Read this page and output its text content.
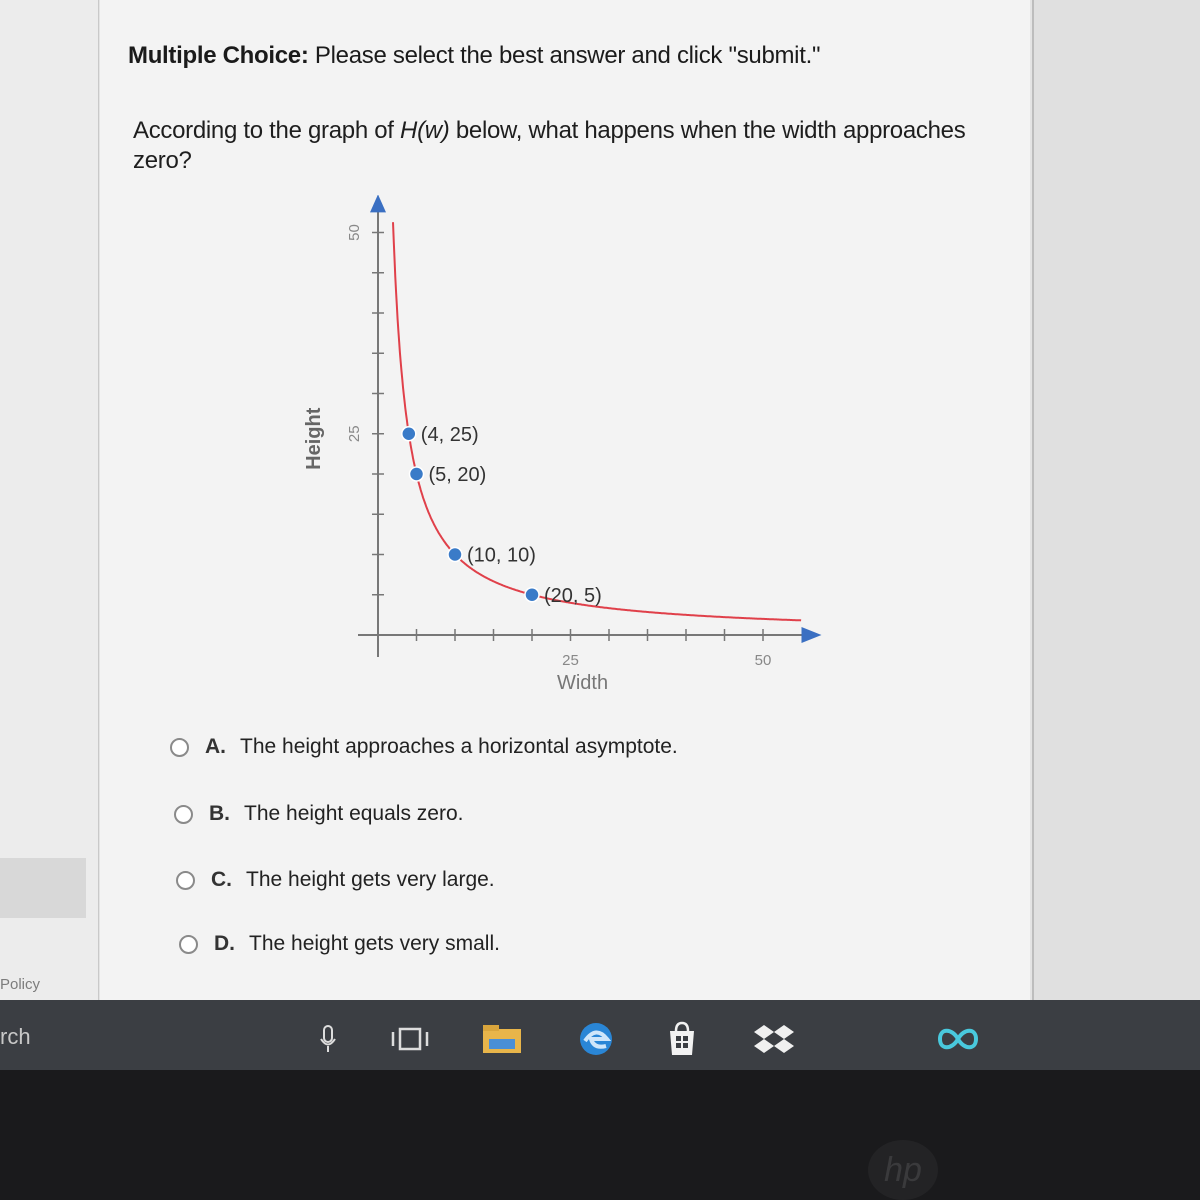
Multiple Choice: Please select the best answer and click "submit."
According to the graph of H(w) below, what happens when the width approaches zero?
25	50
25
50
Width
Height	(4, 25)
(5, 20)
(10, 10)
(20, 5)
A. The height approaches a horizontal asymptote.
B. The height equals zero.
C. The height gets very large.
D. The height gets very small.
Policy
rch
hp
